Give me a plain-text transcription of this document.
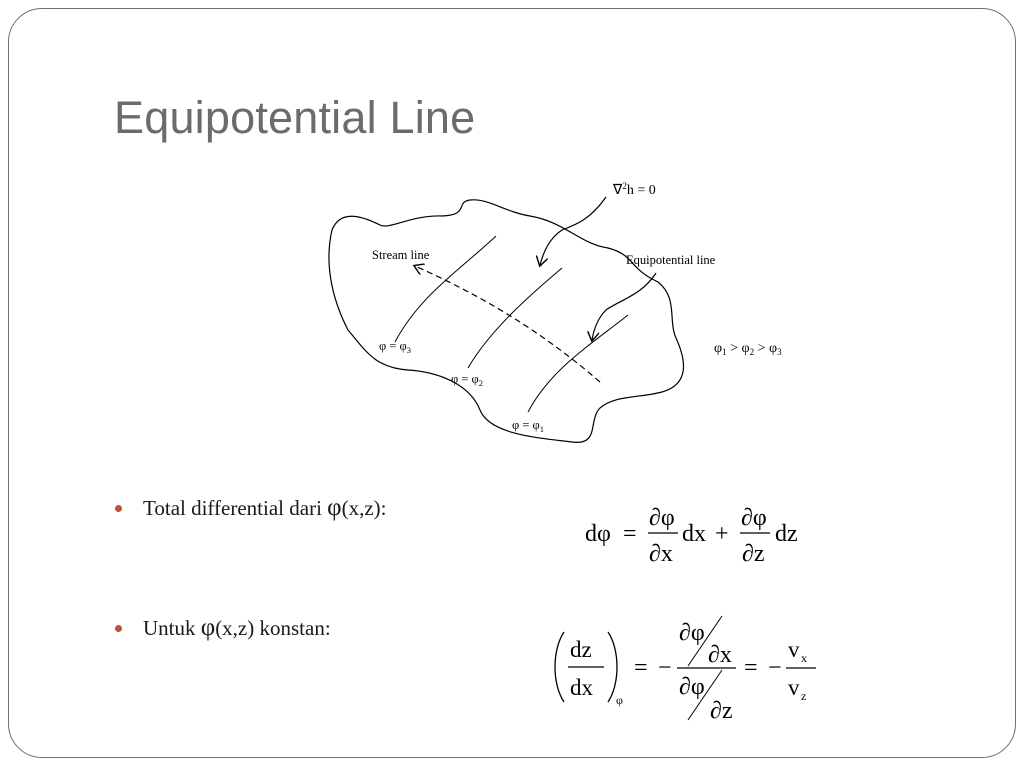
Equipotential Line
∇$^2$h = 0
Stream line	Equipotential line
$\varphi = \varphi_3$
$\varphi = \varphi_2$
$\varphi = \varphi_1$
$\varphi_1 > \varphi_2 > \varphi_3$
Total differential dari φ(x,z):
dφ =
∂φ
∂x
dx +
∂φ
∂z
dz
Untuk φ(x,z) konstan:
dz
dx φ
= −
∂φ
∂x
∂φ
∂z
= −
v x
v z
